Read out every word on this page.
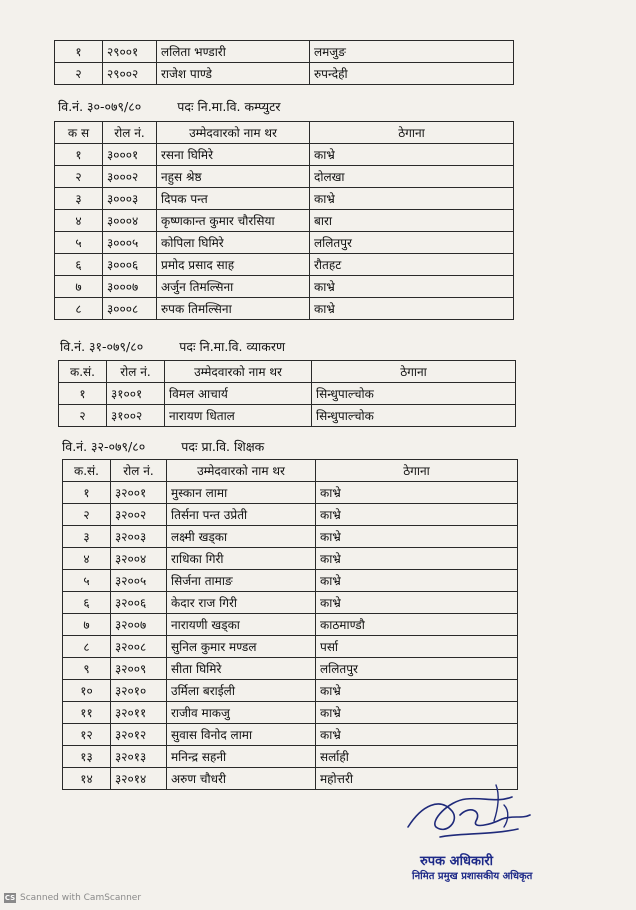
१	२९००१	ललिता भण्डारी	लमजुङ
२	२९००२	राजेश पाण्डे	रुपन्देही
वि.नं. ३०-०७९/८०	पदः नि.मा.वि. कम्प्युटर
क स	रोल नं.	उम्मेदवारको नाम थर	ठेगाना
१	३०००१	रसना घिमिरे	काभ्रे
२	३०००२	नहुस श्रेष्ठ	दोलखा
३	३०००३	दिपक पन्त	काभ्रे
४	३०००४	कृष्णकान्त कुमार चौरसिया	बारा
५	३०००५	कोपिला घिमिरे	ललितपुर
६	३०००६	प्रमोद प्रसाद साह	रौतहट
७	३०००७	अर्जुन तिमल्सिना	काभ्रे
८	३०००८	रुपक तिमल्सिना	काभ्रे
वि.नं. ३१-०७९/८०	पदः नि.मा.वि. व्याकरण
क.सं.	रोल नं.	उम्मेदवारको नाम थर	ठेगाना
१	३१००१	विमल आचार्य	सिन्धुपाल्चोक
२	३१००२	नारायण धिताल	सिन्धुपाल्चोक
वि.नं. ३२-०७९/८०	पदः प्रा.वि. शिक्षक
क.सं.	रोल नं.	उम्मेदवारको नाम थर	ठेगाना
१	३२००१	मुस्कान लामा	काभ्रे
२	३२००२	तिर्सना पन्त उप्रेती	काभ्रे
३	३२००३	लक्ष्मी खड्का	काभ्रे
४	३२००४	राधिका गिरी	काभ्रे
५	३२००५	सिर्जना तामाङ	काभ्रे
६	३२००६	केदार राज गिरी	काभ्रे
७	३२००७	नारायणी खड्का	काठमाण्डौ
८	३२००८	सुनिल कुमार मण्डल	पर्सा
९	३२००९	सीता घिमिरे	ललितपुर
१०	३२०१०	उर्मिला बराईली	काभ्रे
११	३२०११	राजीव माकजु	काभ्रे
१२	३२०१२	सुवास विनोद लामा	काभ्रे
१३	३२०१३	मनिन्द्र सहनी	सर्लाही
१४	३२०१४	अरुण चौधरी	महोत्तरी
रुपक अधिकारी
निमित प्रमुख प्रशासकीय अधिकृत
CS Scanned with CamScanner
